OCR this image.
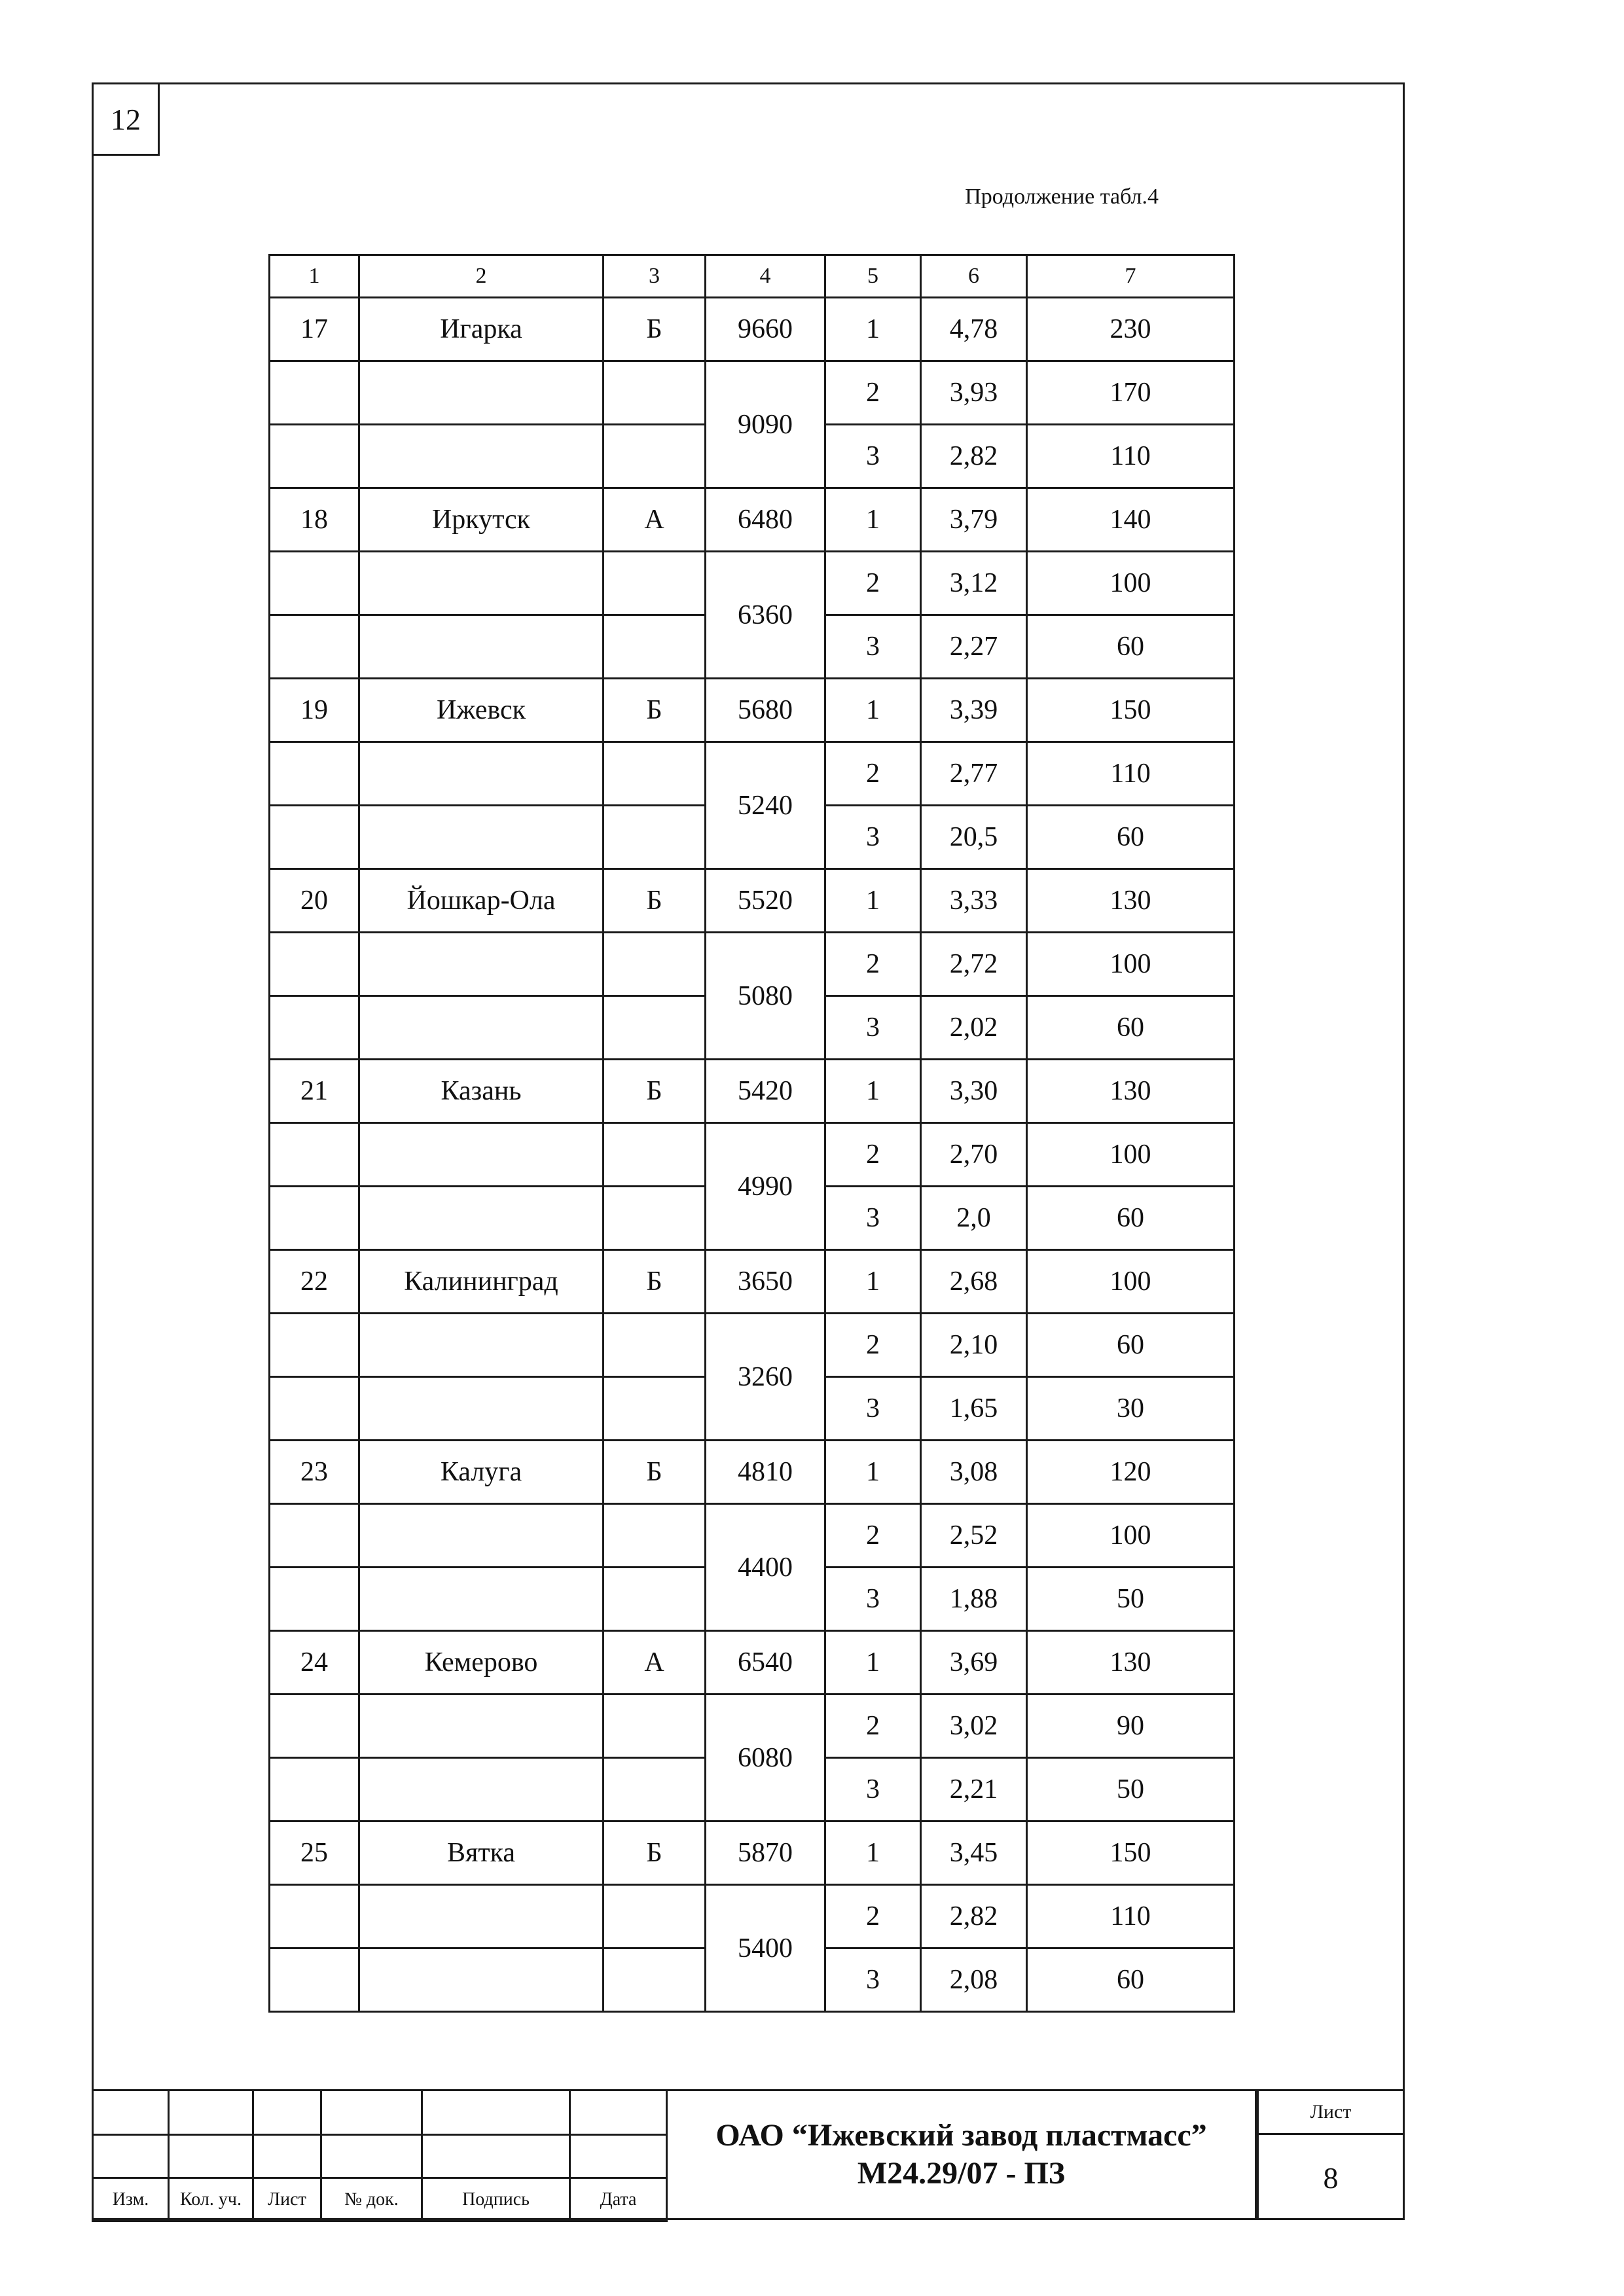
12
Продолжение табл.4
1	2	3	4	5	6	7
17	Игарка	Б	9660	1	4,78	230
			9090	2	3,93	170
				3	2,82	110
18	Иркутск	А	6480	1	3,79	140
			6360	2	3,12	100
				3	2,27	60
19	Ижевск	Б	5680	1	3,39	150
			5240	2	2,77	110
				3	20,5	60
20	Йошкар-Ола	Б	5520	1	3,33	130
			5080	2	2,72	100
				3	2,02	60
21	Казань	Б	5420	1	3,30	130
			4990	2	2,70	100
				3	2,0	60
22	Калининград	Б	3650	1	2,68	100
			3260	2	2,10	60
				3	1,65	30
23	Калуга	Б	4810	1	3,08	120
			4400	2	2,52	100
				3	1,88	50
24	Кемерово	А	6540	1	3,69	130
			6080	2	3,02	90
				3	2,21	50
25	Вятка	Б	5870	1	3,45	150
			5400	2	2,82	110
				3	2,08	60

Изм.	Кол. уч.	Лист	№ док.	Подпись	Дата
ОАО “Ижевский завод пластмасс”
М24.29/07 - ПЗ
Лист
8
